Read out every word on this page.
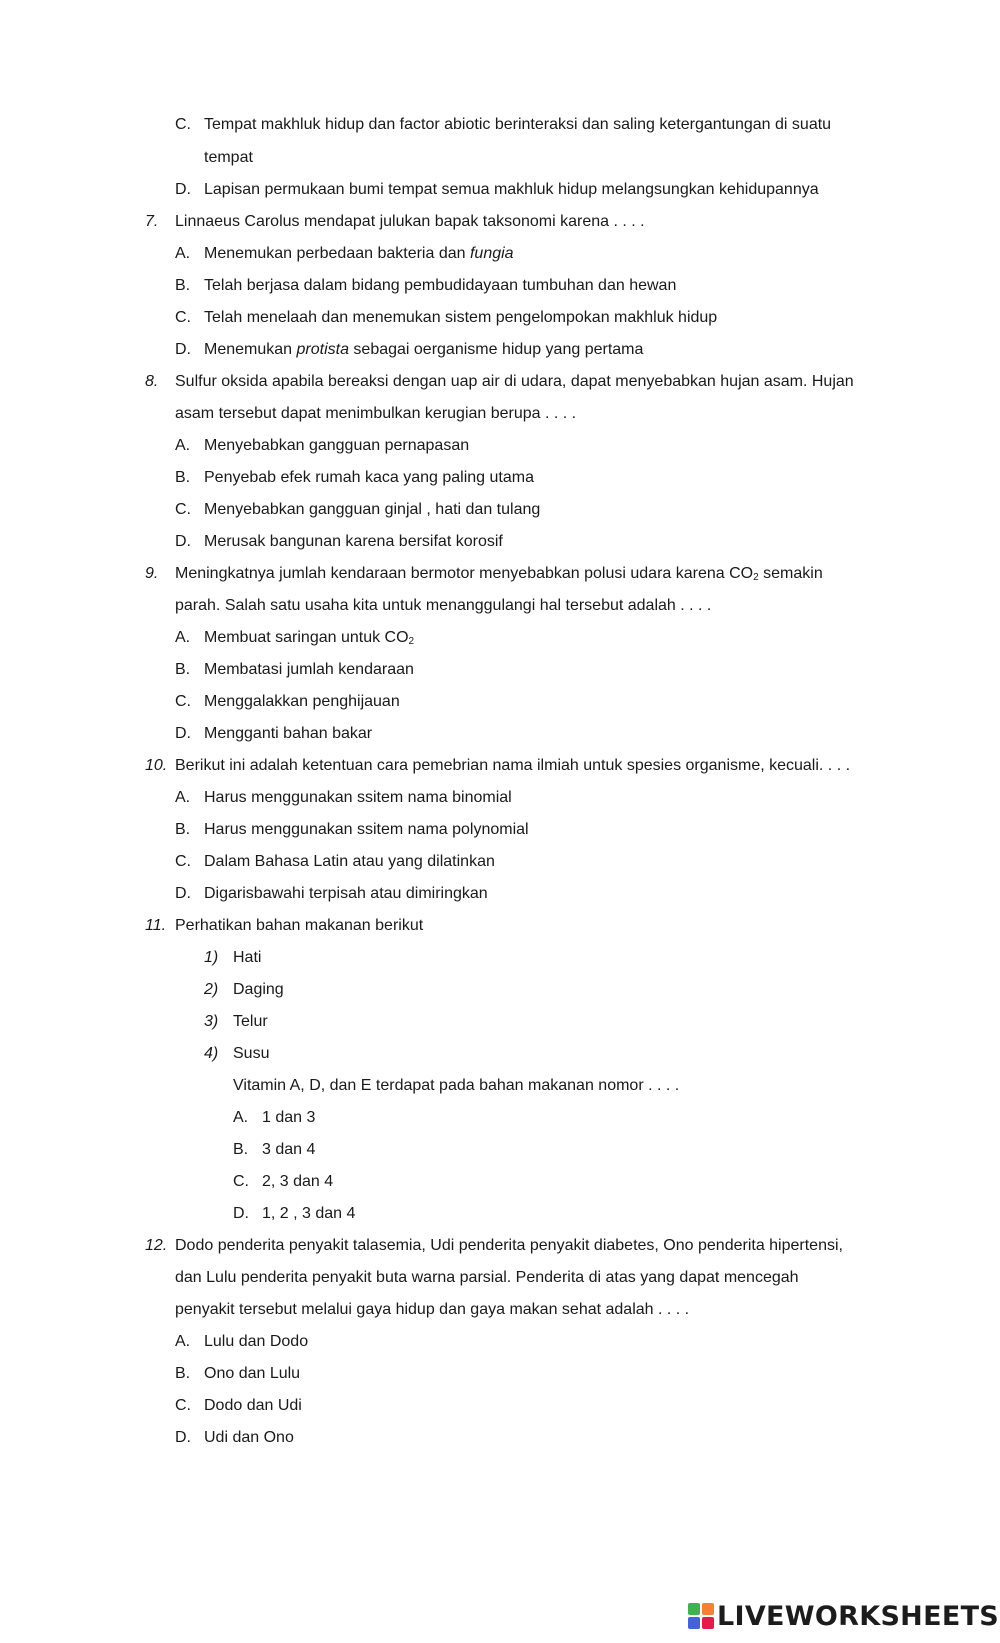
C. Tempat makhluk hidup dan factor abiotic berinteraksi dan saling ketergantungan di suatu
tempat
D. Lapisan permukaan bumi tempat semua makhluk hidup melangsungkan kehidupannya
7. Linnaeus Carolus mendapat julukan bapak taksonomi karena . . . .
A. Menemukan perbedaan bakteria dan fungia
B. Telah berjasa dalam bidang pembudidayaan tumbuhan dan hewan
C. Telah menelaah dan menemukan sistem pengelompokan makhluk hidup
D. Menemukan protista sebagai oerganisme hidup yang pertama
8. Sulfur oksida apabila bereaksi dengan uap air di udara, dapat menyebabkan hujan asam. Hujan
asam tersebut dapat menimbulkan kerugian berupa . . . .
A. Menyebabkan gangguan pernapasan
B. Penyebab efek rumah kaca yang paling utama
C. Menyebabkan gangguan ginjal , hati dan tulang
D. Merusak bangunan karena bersifat korosif
9. Meningkatnya jumlah kendaraan bermotor menyebabkan polusi udara karena $CO_2$ semakin
parah. Salah satu usaha kita untuk menanggulangi hal tersebut adalah . . . .
A. Membuat saringan untuk $CO_2$
B. Membatasi jumlah kendaraan
C. Menggalakkan penghijauan
D. Mengganti bahan bakar
10. Berikut ini adalah ketentuan cara pemebrian nama ilmiah untuk spesies organisme, kecuali. . . .
A. Harus menggunakan ssitem nama binomial
B. Harus menggunakan ssitem nama polynomial
C. Dalam Bahasa Latin atau yang dilatinkan
D. Digarisbawahi terpisah atau dimiringkan
11. Perhatikan bahan makanan berikut
1) Hati
2) Daging
3) Telur
4) Susu
Vitamin A, D, dan E terdapat pada bahan makanan nomor . . . .
A. 1 dan 3
B. 3 dan 4
C. 2, 3 dan 4
D. 1, 2 , 3 dan 4
12. Dodo penderita penyakit talasemia, Udi penderita penyakit diabetes, Ono penderita hipertensi,
dan Lulu penderita penyakit buta warna parsial. Penderita di atas yang dapat mencegah
penyakit tersebut melalui gaya hidup dan gaya makan sehat adalah . . . .
A. Lulu dan Dodo
B. Ono dan Lulu
C. Dodo dan Udi
D. Udi dan Ono
LIVEWORKSHEETS
